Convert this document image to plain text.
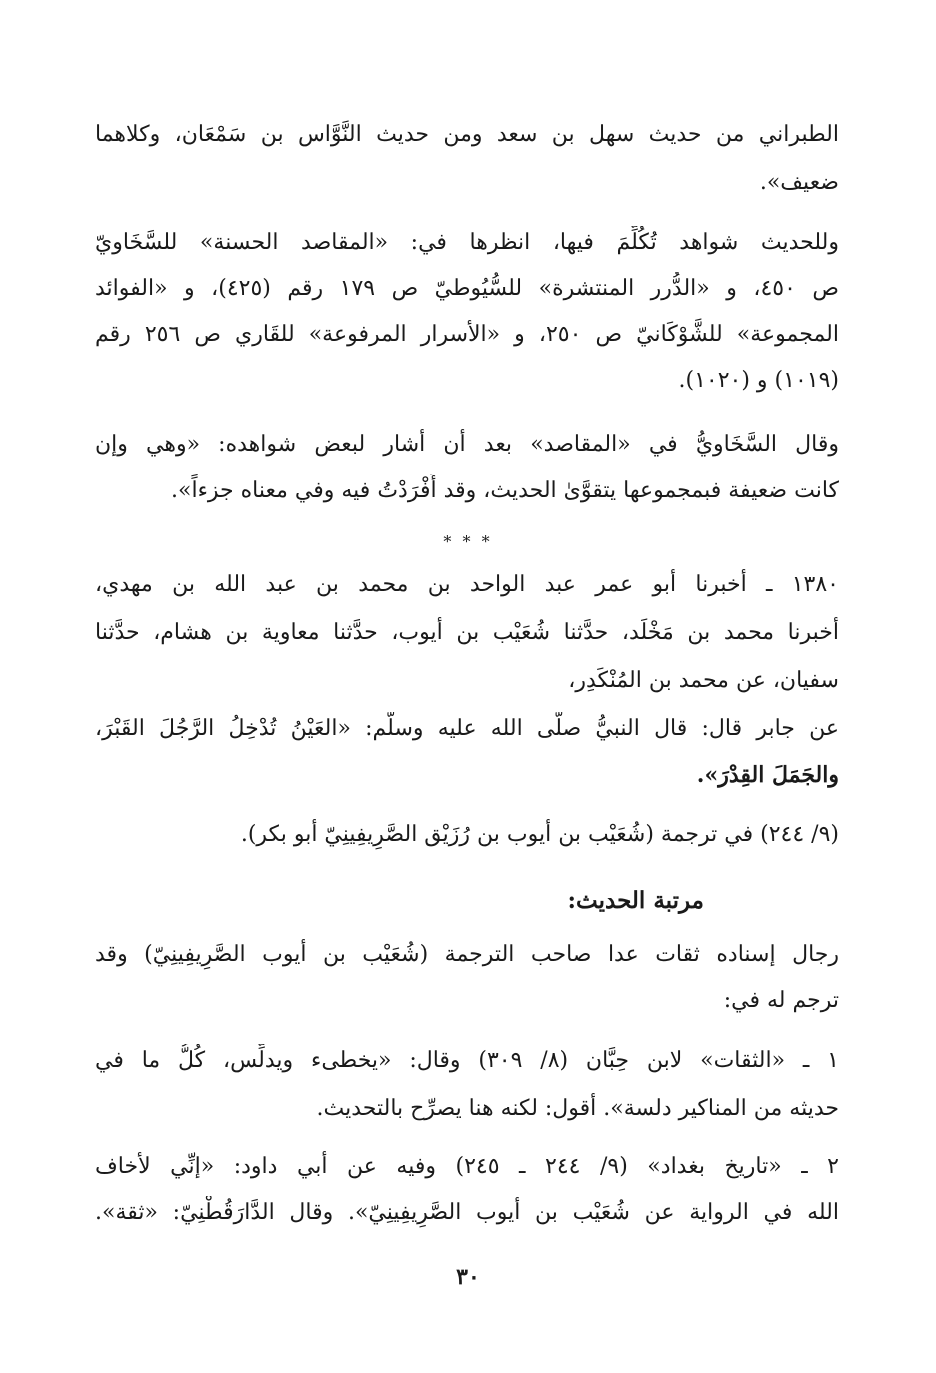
الطبراني من حديث سهل بن سعد ومن حديث النَّوَّاس بن سَمْعَان، وكلاهما
ضعيف».
وللحديث شواهد تُكُلِّمَ فيها، انظرها في: «المقاصد الحسنة» للسَّخَاويّ
ص ٤٥٠، و «الدُّرر المنتشرة» للسُّيُوطيّ ص ١٧٩ رقم (٤٢٥)، و «الفوائد
المجموعة» للشَّوْكَانيّ ص ٢٥٠، و «الأسرار المرفوعة» للقَاري ص ٢٥٦ رقم
(١٠١٩) و (١٠٢٠).
وقال السَّخَاويُّ في «المقاصد» بعد أن أشار لبعض شواهده: «وهي وإن
كانت ضعيفة فبمجموعها يتقوَّىٰ الحديث، وقد أَفْرَدْتُ فيه وفي معناه جزءاً».
* * *
١٣٨٠ ـ أخبرنا أبو عمر عبد الواحد بن محمد بن عبد الله بن مهدي،
أخبرنا محمد بن مَخْلَد، حدَّثنا شُعَيْب بن أيوب، حدَّثنا معاوية بن هشام، حدَّثنا
سفيان، عن محمد بن المُنْكَدِر،
عن جابر قال: قال النبيُّ صلَّى الله عليه وسلَّم: «العَيْنُ تُدْخِلُ الرَّجُلَ القَبْرَ،
والجَمَلَ القِدْرَ».
(٩/ ٢٤٤) في ترجمة (شُعَيْب بن أيوب بن رُزَيْق الصَّرِيفِينِيّ أبو بكر).
مرتبة الحديث:
رجال إسناده ثقات عدا صاحب الترجمة (شُعَيْب بن أيوب الصَّرِيفِينِيّ) وقد
ترجم له في:
١ ـ «الثقات» لابن حِبَّان (٨/ ٣٠٩) وقال: «يخطىء ويدلِّس، كُلُّ ما في
حديثه من المناكير دلسة». أقول: لكنه هنا يصرِّح بالتحديث.
٢ ـ «تاريخ بغداد» (٩/ ٢٤٤ ـ ٢٤٥) وفيه عن أبي داود: «إنِّي لأخاف
الله في الرواية عن شُعَيْب بن أيوب الصَّرِيفِينِيّ». وقال الدَّارَقُطْنِيّ: «ثقة».
٣٠
